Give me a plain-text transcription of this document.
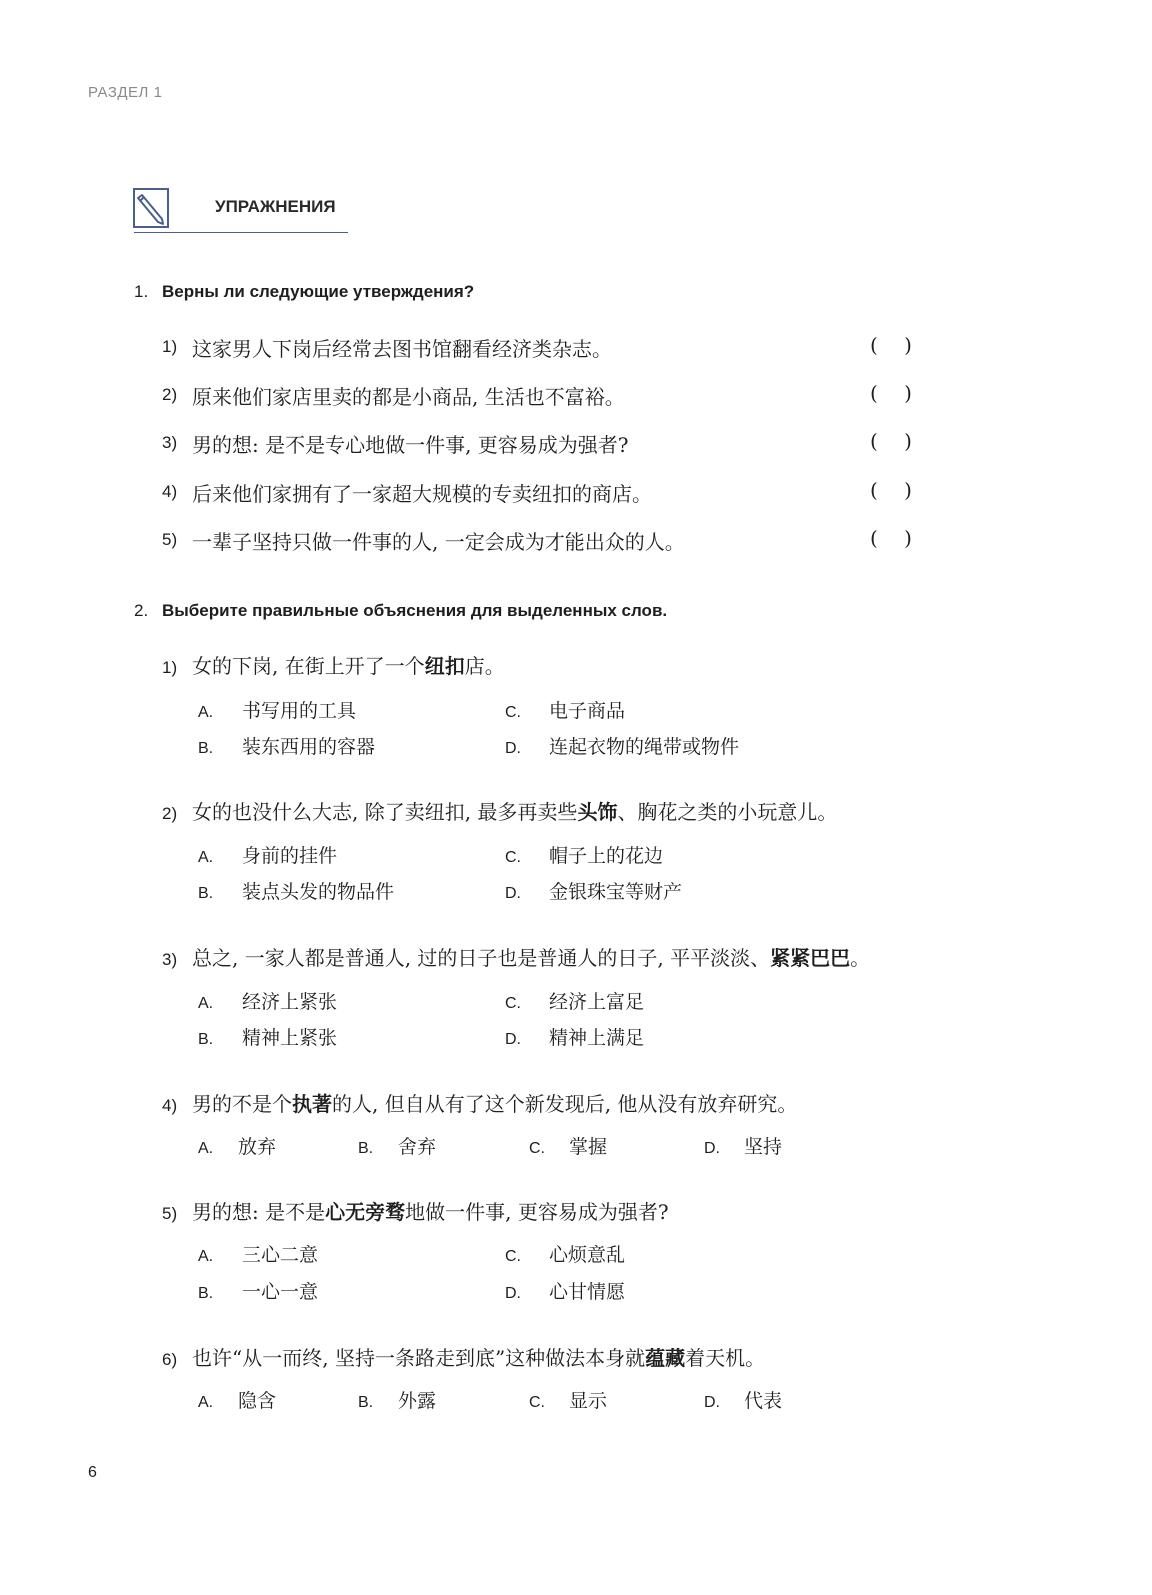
РАЗДЕЛ 1
УПРАЖНЕНИЯ
1. Верны ли следующие утверждения?
1) 这家男人下岗后经常去图书馆翻看经济类杂志。	( )
2) 原来他们家店里卖的都是小商品, 生活也不富裕。	( )
3) 男的想: 是不是专心地做一件事, 更容易成为强者?	( )
4) 后来他们家拥有了一家超大规模的专卖纽扣的商店。	( )
5) 一辈子坚持只做一件事的人, 一定会成为才能出众的人。	( )
2. Выберите правильные объяснения для выделенных слов.
1) 女的下岗, 在街上开了一个纽扣店。
A. 书写用的工具	C. 电子商品
B. 装东西用的容器	D. 连起衣物的绳带或物件
2) 女的也没什么大志, 除了卖纽扣, 最多再卖些头饰、胸花之类的小玩意儿。
A. 身前的挂件	C. 帽子上的花边
B. 装点头发的物品件	D. 金银珠宝等财产
3) 总之, 一家人都是普通人, 过的日子也是普通人的日子, 平平淡淡、紧紧巴巴。
A. 经济上紧张	C. 经济上富足
B. 精神上紧张	D. 精神上满足
4) 男的不是个执著的人, 但自从有了这个新发现后, 他从没有放弃研究。
A. 放弃	B. 舍弃	C. 掌握	D. 坚持
5) 男的想: 是不是心无旁骛地做一件事, 更容易成为强者?
A. 三心二意	C. 心烦意乱
B. 一心一意	D. 心甘情愿
6) 也许“从一而终, 坚持一条路走到底”这种做法本身就蕴藏着天机。
A. 隐含	B. 外露	C. 显示	D. 代表
6
